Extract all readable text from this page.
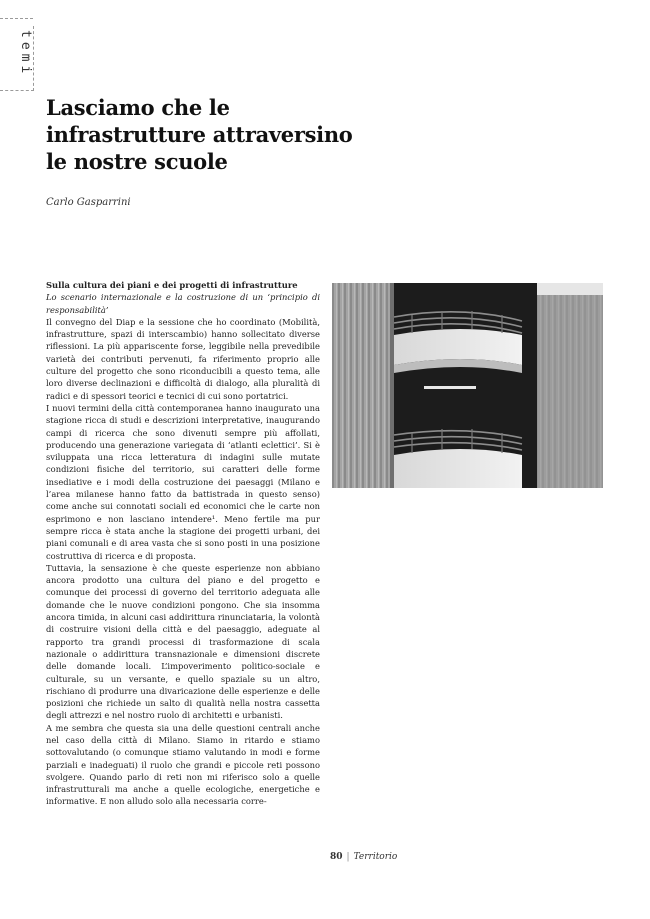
temi
Lasciamo che le infrastrutture attraversino le nostre scuole
Carlo Gasparrini

Sulla cultura dei piani e dei progetti di infrastrutture

Lo scenario internazionale e la costruzione di un ‘principio di responsabilità’

Il convegno del Diap e la sessione che ho coordinato (Mobilità, infrastrutture, spazi di interscambio) hanno sollecitato diverse riflessioni. La più appariscente forse, leggibile nella prevedibile varietà dei contributi pervenuti, fa riferimento proprio alle culture del progetto che sono riconducibili a questo tema, alle loro diverse declinazioni e difficoltà di dialogo, alla pluralità di radici e di spessori teorici e tecnici di cui sono portatrici.

I nuovi termini della città contemporanea hanno inaugurato una stagione ricca di studi e descrizioni interpretative, inaugurando campi di ricerca che sono divenuti sempre più affollati, producendo una generazione variegata di ‘atlanti eclettici’. Si è sviluppata una ricca letteratura di indagini sulle mutate condizioni fisiche del territorio, sui caratteri delle forme insediative e i modi della costruzione dei paesaggi (Milano e l’area milanese hanno fatto da battistrada in questo senso) come anche sui connotati sociali ed economici che le carte non esprimono e non lasciano intendere¹. Meno fertile ma pur sempre ricca è stata anche la stagione dei progetti urbani, dei piani comunali e di area vasta che si sono posti in una posizione costruttiva di ricerca e di proposta.

Tuttavia, la sensazione è che queste esperienze non abbiano ancora prodotto una cultura del piano e del progetto e comunque dei processi di governo del territorio adeguata alle domande che le nuove condizioni pongono. Che sia insomma ancora timida, in alcuni casi addirittura rinunciataria, la volontà di costruire visioni della città e del paesaggio, adeguate al rapporto tra grandi processi di trasformazione di scala nazionale o addirittura transnazionale e dimensioni discrete delle domande locali. L’impoverimento politico-sociale e culturale, su un versante, e quello spaziale su un altro, rischiano di produrre una divaricazione delle esperienze e delle posizioni che richiede un salto di qualità nella nostra cassetta degli attrezzi e nel nostro ruolo di architetti e urbanisti.

A me sembra che questa sia una delle questioni centrali anche nel caso della città di Milano. Siamo in ritardo e stiamo sottovalutando (o comunque stiamo valutando in modi e forme parziali e inadeguati) il ruolo che grandi e piccole reti possono svolgere. Quando parlo di reti non mi riferisco solo a quelle infrastrutturali ma anche a quelle ecologiche, energetiche e informative. E non alludo solo alla necessaria corre-

80 | Territorio
